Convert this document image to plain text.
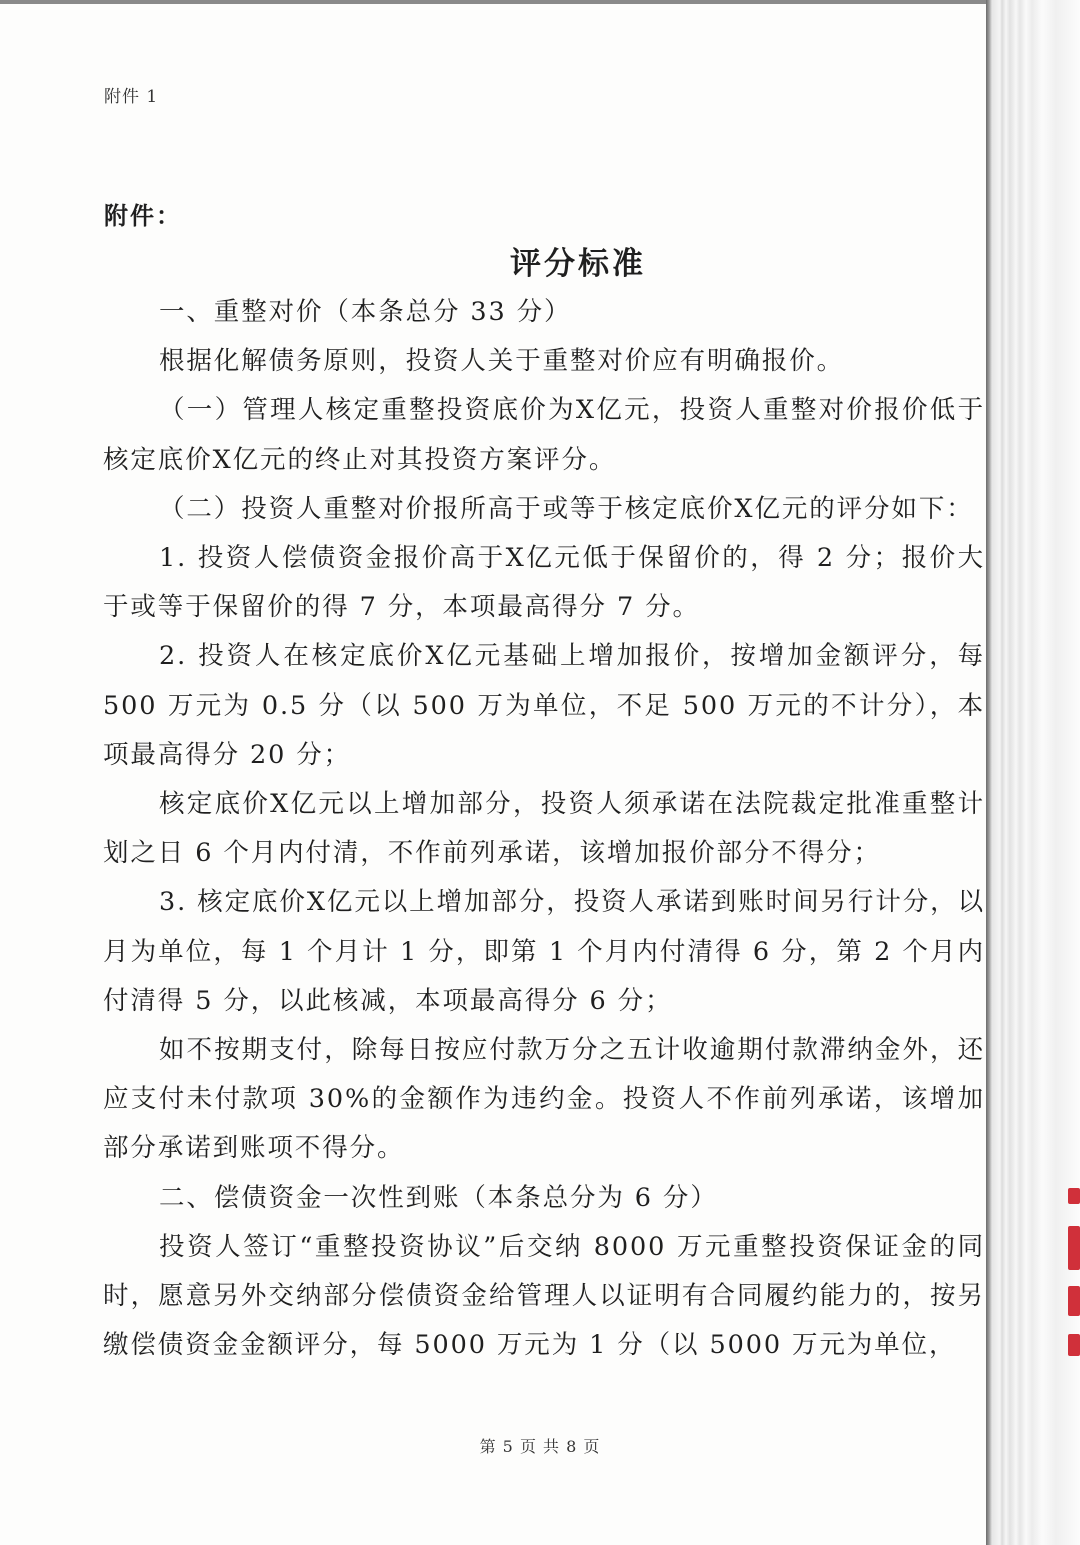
附件 1
附件：
评分标准

一、重整对价（本条总分 33 分）

根据化解债务原则，投资人关于重整对价应有明确报价。

（一）管理人核定重整投资底价为X亿元，投资人重整对价报价低于核定底价X亿元的终止对其投资方案评分。

（二）投资人重整对价报所高于或等于核定底价X亿元的评分如下：

1. 投资人偿债资金报价高于X亿元低于保留价的，得 2 分；报价大于或等于保留价的得 7 分，本项最高得分 7 分。

2. 投资人在核定底价X亿元基础上增加报价，按增加金额评分，每 500 万元为 0.5 分（以 500 万为单位，不足 500 万元的不计分），本项最高得分 20 分；

核定底价X亿元以上增加部分，投资人须承诺在法院裁定批准重整计划之日 6 个月内付清，不作前列承诺，该增加报价部分不得分；

3. 核定底价X亿元以上增加部分，投资人承诺到账时间另行计分，以月为单位，每 1 个月计 1 分，即第 1 个月内付清得 6 分，第 2 个月内付清得 5 分，以此核减，本项最高得分 6 分；

如不按期支付，除每日按应付款万分之五计收逾期付款滞纳金外，还应支付未付款项 30%的金额作为违约金。投资人不作前列承诺，该增加部分承诺到账项不得分。

二、偿债资金一次性到账（本条总分为 6 分）

投资人签订“重整投资协议”后交纳 8000 万元重整投资保证金的同时，愿意另外交纳部分偿债资金给管理人以证明有合同履约能力的，按另缴偿债资金金额评分，每 5000 万元为 1 分（以 5000 万元为单位，

第 5 页 共 8 页
